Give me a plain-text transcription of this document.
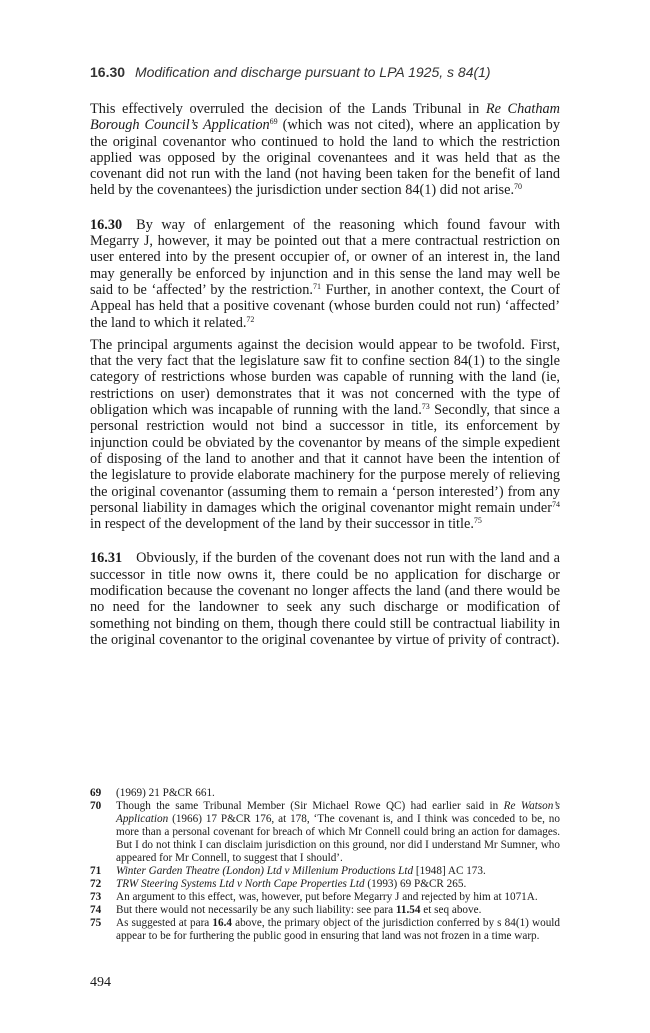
16.30 Modification and discharge pursuant to LPA 1925, s 84(1)

This effectively overruled the decision of the Lands Tribunal in Re Chatham Borough Council’s Application$^{69}$ (which was not cited), where an application by the original covenantor who continued to hold the land to which the restriction applied was opposed by the original covenantees and it was held that as the covenant did not run with the land (not having been taken for the benefit of land held by the covenantees) the jurisdiction under section 84(1) did not arise.$^{70}$

16.30 By way of enlargement of the reasoning which found favour with Megarry J, however, it may be pointed out that a mere contractual restriction on user entered into by the present occupier of, or owner of an interest in, the land may generally be enforced by injunction and in this sense the land may well be said to be ‘affected’ by the restriction.$^{71}$ Further, in another context, the Court of Appeal has held that a positive covenant (whose burden could not run) ‘affected’ the land to which it related.$^{72}$

The principal arguments against the decision would appear to be twofold. First, that the very fact that the legislature saw fit to confine section 84(1) to the single category of restrictions whose burden was capable of running with the land (ie, restrictions on user) demonstrates that it was not concerned with the type of obligation which was incapable of running with the land.$^{73}$ Secondly, that since a personal restriction would not bind a successor in title, its enforcement by injunction could be obviated by the covenantor by means of the simple expedient of disposing of the land to another and that it cannot have been the intention of the legislature to provide elaborate machinery for the purpose merely of relieving the original covenantor (assuming them to remain a ‘person interested’) from any personal liability in damages which the original covenantor might remain under$^{74}$ in respect of the development of the land by their successor in title.$^{75}$

16.31 Obviously, if the burden of the covenant does not run with the land and a successor in title now owns it, there could be no application for discharge or modification because the covenant no longer affects the land (and there would be no need for the landowner to seek any such discharge or modification of something not binding on them, though there could still be contractual liability in the original covenantor to the original covenantee by virtue of privity of contract).

69	(1969) 21 P&CR 661.
70	Though the same Tribunal Member (Sir Michael Rowe QC) had earlier said in Re Watson’s Application (1966) 17 P&CR 176, at 178, ‘The covenant is, and I think was conceded to be, no more than a personal covenant for breach of which Mr Connell could bring an action for damages. But I do not think I can disclaim jurisdiction on this ground, nor did I understand Mr Sumner, who appeared for Mr Connell, to suggest that I should’.
71	Winter Garden Theatre (London) Ltd v Millenium Productions Ltd [1948] AC 173.
72	TRW Steering Systems Ltd v North Cape Properties Ltd (1993) 69 P&CR 265.
73	An argument to this effect, was, however, put before Megarry J and rejected by him at 1071A.
74	But there would not necessarily be any such liability: see para 11.54 et seq above.
75	As suggested at para 16.4 above, the primary object of the jurisdiction conferred by s 84(1) would appear to be for furthering the public good in ensuring that land was not frozen in a time warp.
494
